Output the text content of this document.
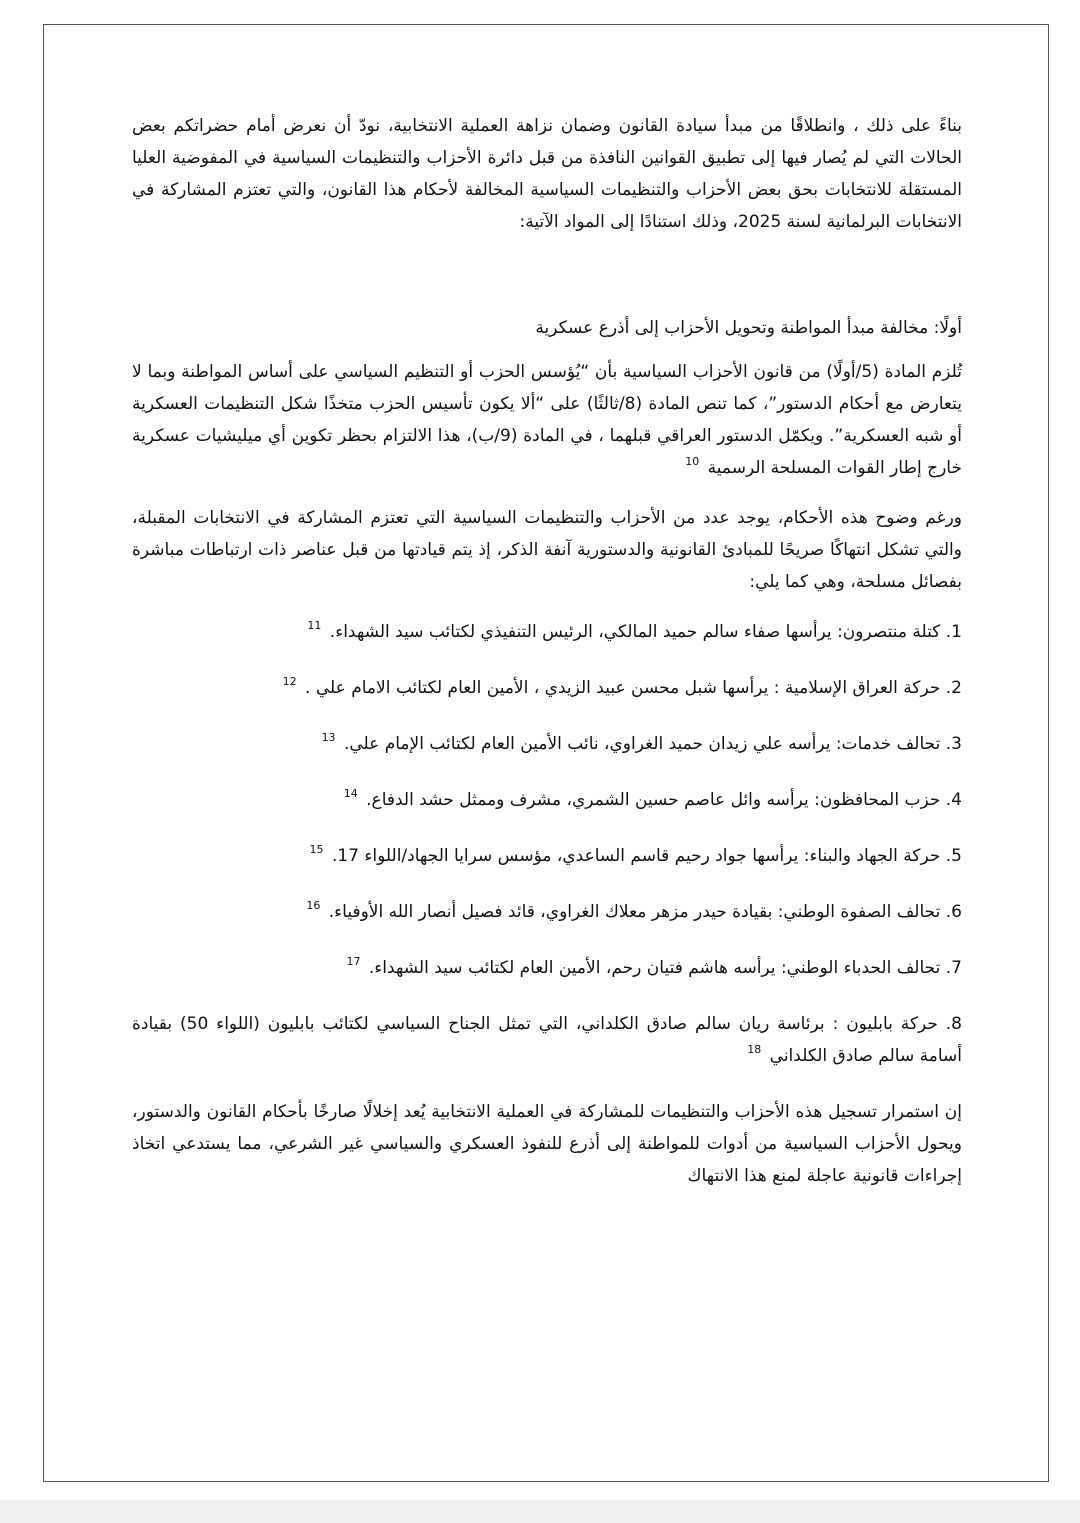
بناءً على ذلك ، وانطلاقًا من مبدأ سيادة القانون وضمان نزاهة العملية الانتخابية، نودّ أن نعرض أمام حضراتكم بعض الحالات التي لم يُصار فيها إلى تطبيق القوانين النافذة من قبل دائرة الأحزاب والتنظيمات السياسية في المفوضية العليا المستقلة للانتخابات بحق بعض الأحزاب والتنظيمات السياسية المخالفة لأحكام هذا القانون، والتي تعتزم المشاركة في الانتخابات البرلمانية لسنة 2025، وذلك استنادًا إلى المواد الآتية:

أولًا: مخالفة مبدأ المواطنة وتحويل الأحزاب إلى أذرع عسكرية

تُلزم المادة (5/أولًا) من قانون الأحزاب السياسية بأن “يُؤسس الحزب أو التنظيم السياسي على أساس المواطنة وبما لا يتعارض مع أحكام الدستور”، كما تنص المادة (8/ثالثًا) على “ألا يكون تأسيس الحزب متخذًا شكل التنظيمات العسكرية أو شبه العسكرية”. ويكمّل الدستور العراقي قبلهما ، في المادة (9/ب)، هذا الالتزام بحظر تكوين أي ميليشيات عسكرية خارج إطار القوات المسلحة الرسمية $^{10}$

ورغم وضوح هذه الأحكام، يوجد عدد من الأحزاب والتنظيمات السياسية التي تعتزم المشاركة في الانتخابات المقبلة، والتي تشكل انتهاكًا صريحًا للمبادئ القانونية والدستورية آنفة الذكر، إذ يتم قيادتها من قبل عناصر ذات ارتباطات مباشرة بفصائل مسلحة، وهي كما يلي:

1. كتلة منتصرون: يرأسها صفاء سالم حميد المالكي، الرئيس التنفيذي لكتائب سيد الشهداء. $^{11}$
2. حركة العراق الإسلامية : يرأسها شبل محسن عبيد الزيدي ، الأمين العام لكتائب الامام علي . $^{12}$
3. تحالف خدمات: يرأسه علي زيدان حميد الغراوي، نائب الأمين العام لكتائب الإمام علي. $^{13}$
4. حزب المحافظون: يرأسه وائل عاصم حسين الشمري، مشرف وممثل حشد الدفاع. $^{14}$
5. حركة الجهاد والبناء: يرأسها جواد رحيم قاسم الساعدي، مؤسس سرايا الجهاد/اللواء 17. $^{15}$
6. تحالف الصفوة الوطني: بقيادة حيدر مزهر معلاك الغراوي، قائد فصيل أنصار الله الأوفياء. $^{16}$
7. تحالف الحدباء الوطني: يرأسه هاشم فتيان رحم، الأمين العام لكتائب سيد الشهداء. $^{17}$
8. حركة بابليون : برئاسة ريان سالم صادق الكلداني، التي تمثل الجناح السياسي لكتائب بابليون (اللواء 50) بقيادة أسامة سالم صادق الكلداني $^{18}$

إن استمرار تسجيل هذه الأحزاب والتنظيمات للمشاركة في العملية الانتخابية يُعد إخلالًا صارخًا بأحكام القانون والدستور، ويحول الأحزاب السياسية من أدوات للمواطنة إلى أذرع للنفوذ العسكري والسياسي غير الشرعي، مما يستدعي اتخاذ إجراءات قانونية عاجلة لمنع هذا الانتهاك
